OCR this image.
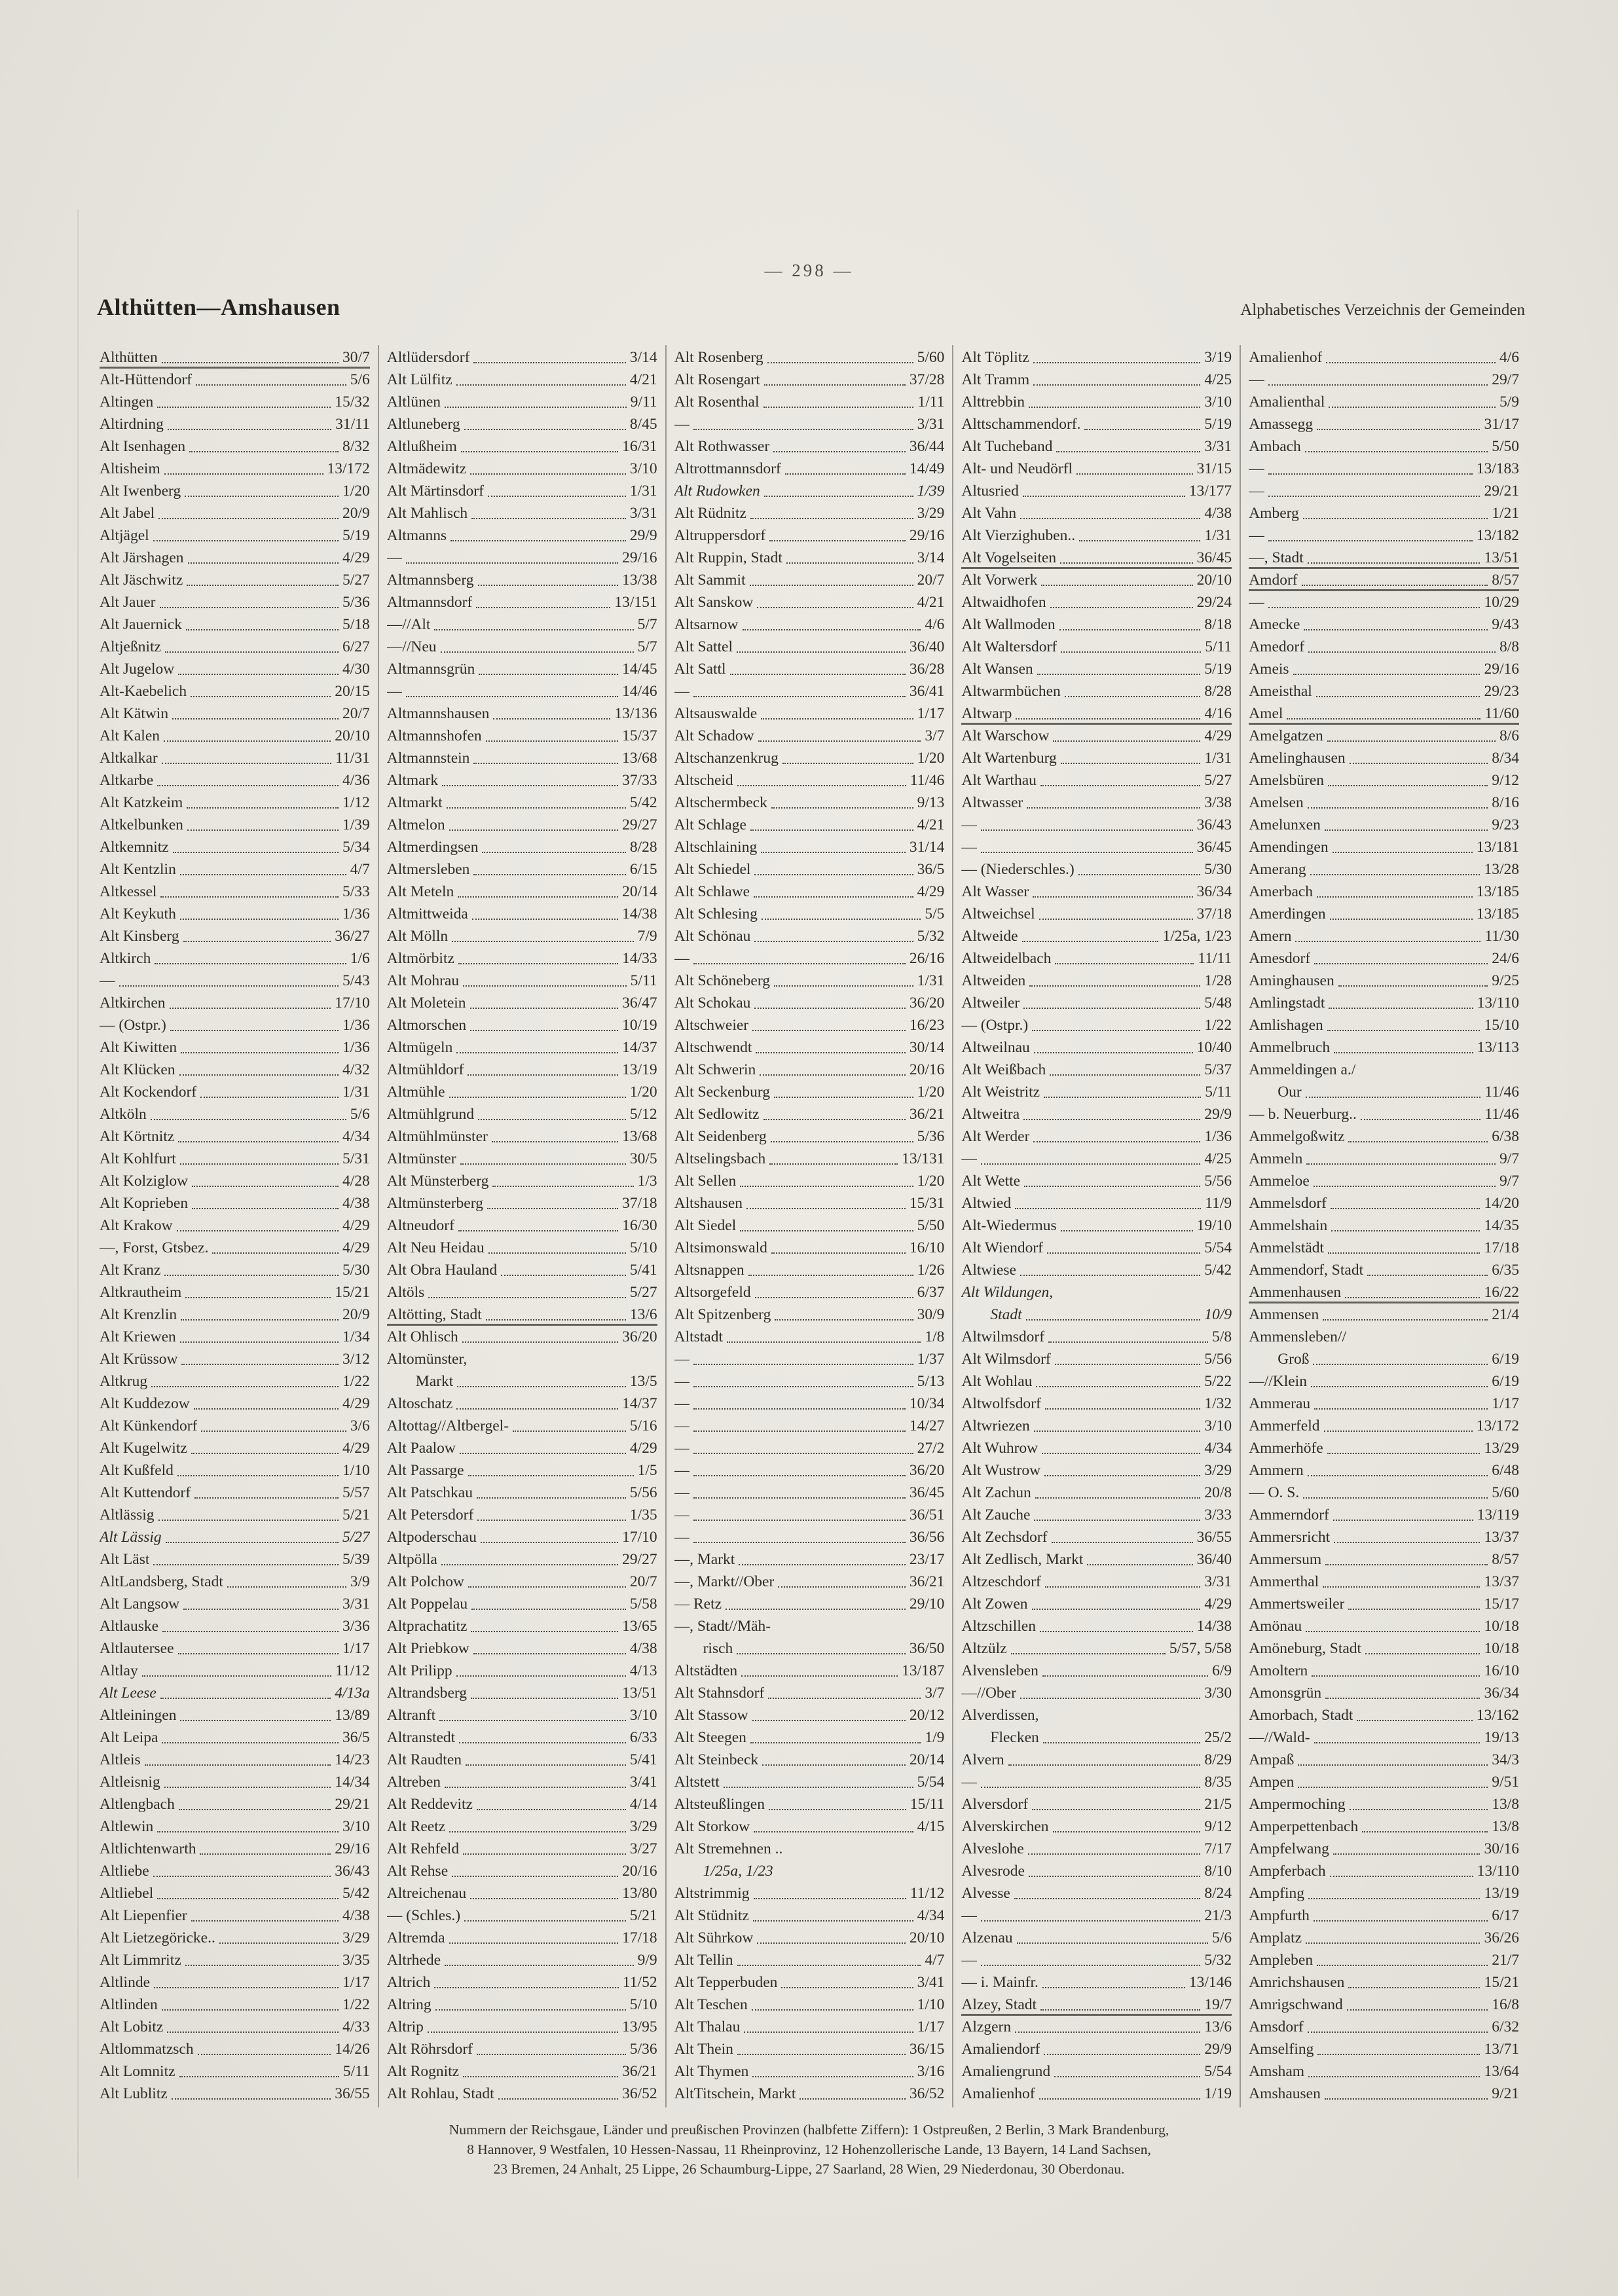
— 298 —
Althütten—Amshausen	Alphabetisches Verzeichnis der Gemeinden
Althütten	30/7
Alt-Hüttendorf	5/6
Altingen	15/32
Altirdning	31/11
Alt Isenhagen	8/32
Altisheim	13/172
Alt Iwenberg	1/20
Alt Jabel	20/9
Altjägel	5/19
Alt Järshagen	4/29
Alt Jäschwitz	5/27
Alt Jauer	5/36
Alt Jauernick	5/18
Altjeßnitz	6/27
Alt Jugelow	4/30
Alt-Kaebelich	20/15
Alt Kätwin	20/7
Alt Kalen	20/10
Altkalkar	11/31
Altkarbe	4/36
Alt Katzkeim	1/12
Altkelbunken	1/39
Altkemnitz	5/34
Alt Kentzlin	4/7
Altkessel	5/33
Alt Keykuth	1/36
Alt Kinsberg	36/27
Altkirch	1/6
—	5/43
Altkirchen	17/10
— (Ostpr.)	1/36
Alt Kiwitten	1/36
Alt Klücken	4/32
Alt Kockendorf	1/31
Altköln	5/6
Alt Körtnitz	4/34
Alt Kohlfurt	5/31
Alt Kolziglow	4/28
Alt Koprieben	4/38
Alt Krakow	4/29
—, Forst, Gtsbez.	4/29
Alt Kranz	5/30
Altkrautheim	15/21
Alt Krenzlin	20/9
Alt Kriewen	1/34
Alt Krüssow	3/12
Altkrug	1/22
Alt Kuddezow	4/29
Alt Künkendorf	3/6
Alt Kugelwitz	4/29
Alt Kußfeld	1/10
Alt Kuttendorf	5/57
Altlässig	5/21
Alt Lässig	5/27
Alt Läst	5/39
AltLandsberg, Stadt	3/9
Alt Langsow	3/31
Altlauske	3/36
Altlautersee	1/17
Altlay	11/12
Alt Leese	4/13a
Altleiningen	13/89
Alt Leipa	36/5
Altleis	14/23
Altleisnig	14/34
Altlengbach	29/21
Altlewin	3/10
Altlichtenwarth	29/16
Altliebe	36/43
Altliebel	5/42
Alt Liepenfier	4/38
Alt Lietzegöricke..	3/29
Alt Limmritz	3/35
Altlinde	1/17
Altlinden	1/22
Alt Lobitz	4/33
Altlommatzsch	14/26
Alt Lomnitz	5/11
Alt Lublitz	36/55
Altlüdersdorf	3/14
Alt Lülfitz	4/21
Altlünen	9/11
Altluneberg	8/45
Altlußheim	16/31
Altmädewitz	3/10
Alt Märtinsdorf	1/31
Alt Mahlisch	3/31
Altmanns	29/9
—	29/16
Altmannsberg	13/38
Altmannsdorf	13/151
—//Alt	5/7
—//Neu	5/7
Altmannsgrün	14/45
—	14/46
Altmannshausen	13/136
Altmannshofen	15/37
Altmannstein	13/68
Altmark	37/33
Altmarkt	5/42
Altmelon	29/27
Altmerdingsen	8/28
Altmersleben	6/15
Alt Meteln	20/14
Altmittweida	14/38
Alt Mölln	7/9
Altmörbitz	14/33
Alt Mohrau	5/11
Alt Moletein	36/47
Altmorschen	10/19
Altmügeln	14/37
Altmühldorf	13/19
Altmühle	1/20
Altmühlgrund	5/12
Altmühlmünster	13/68
Altmünster	30/5
Alt Münsterberg	1/3
Altmünsterberg	37/18
Altneudorf	16/30
Alt Neu Heidau	5/10
Alt Obra Hauland	5/41
Altöls	5/27
Altötting, Stadt	13/6
Alt Ohlisch	36/20
Altomünster,
Markt	13/5
Altoschatz	14/37
Altottag//Altbergel-	5/16
Alt Paalow	4/29
Alt Passarge	1/5
Alt Patschkau	5/56
Alt Petersdorf	1/35
Altpoderschau	17/10
Altpölla	29/27
Alt Polchow	20/7
Alt Poppelau	5/58
Altprachatitz	13/65
Alt Priebkow	4/38
Alt Prilipp	4/13
Altrandsberg	13/51
Altranft	3/10
Altranstedt	6/33
Alt Raudten	5/41
Altreben	3/41
Alt Reddevitz	4/14
Alt Reetz	3/29
Alt Rehfeld	3/27
Alt Rehse	20/16
Altreichenau	13/80
— (Schles.)	5/21
Altremda	17/18
Altrhede	9/9
Altrich	11/52
Altring	5/10
Altrip	13/95
Alt Röhrsdorf	5/36
Alt Rognitz	36/21
Alt Rohlau, Stadt	36/52
Alt Rosenberg	5/60
Alt Rosengart	37/28
Alt Rosenthal	1/11
—	3/31
Alt Rothwasser	36/44
Altrottmannsdorf	14/49
Alt Rudowken	1/39
Alt Rüdnitz	3/29
Altruppersdorf	29/16
Alt Ruppin, Stadt	3/14
Alt Sammit	20/7
Alt Sanskow	4/21
Altsarnow	4/6
Alt Sattel	36/40
Alt Sattl	36/28
—	36/41
Altsauswalde	1/17
Alt Schadow	3/7
Altschanzenkrug	1/20
Altscheid	11/46
Altschermbeck	9/13
Alt Schlage	4/21
Altschlaining	31/14
Alt Schiedel	36/5
Alt Schlawe	4/29
Alt Schlesing	5/5
Alt Schönau	5/32
—	26/16
Alt Schöneberg	1/31
Alt Schokau	36/20
Altschweier	16/23
Altschwendt	30/14
Alt Schwerin	20/16
Alt Seckenburg	1/20
Alt Sedlowitz	36/21
Alt Seidenberg	5/36
Altselingsbach	13/131
Alt Sellen	1/20
Altshausen	15/31
Alt Siedel	5/50
Altsimonswald	16/10
Altsnappen	1/26
Altsorgefeld	6/37
Alt Spitzenberg	30/9
Altstadt	1/8
—	1/37
—	5/13
—	10/34
—	14/27
—	27/2
—	36/20
—	36/45
—	36/51
—	36/56
—, Markt	23/17
—, Markt//Ober	36/21
— Retz	29/10
—, Stadt//Mäh-
risch	36/50
Altstädten	13/187
Alt Stahnsdorf	3/7
Alt Stassow	20/12
Alt Steegen	1/9
Alt Steinbeck	20/14
Altstett	5/54
Altsteußlingen	15/11
Alt Storkow	4/15
Alt Stremehnen ..
1/25a, 1/23
Altstrimmig	11/12
Alt Stüdnitz	4/34
Alt Sührkow	20/10
Alt Tellin	4/7
Alt Tepperbuden	3/41
Alt Teschen	1/10
Alt Thalau	1/17
Alt Thein	36/15
Alt Thymen	3/16
AltTitschein, Markt	36/52
Alt Töplitz	3/19
Alt Tramm	4/25
Alttrebbin	3/10
Alttschammendorf.	5/19
Alt Tucheband	3/31
Alt- und Neudörfl	31/15
Altusried	13/177
Alt Vahn	4/38
Alt Vierzighuben..	1/31
Alt Vogelseiten	36/45
Alt Vorwerk	20/10
Altwaidhofen	29/24
Alt Wallmoden	8/18
Alt Waltersdorf	5/11
Alt Wansen	5/19
Altwarmbüchen	8/28
Altwarp	4/16
Alt Warschow	4/29
Alt Wartenburg	1/31
Alt Warthau	5/27
Altwasser	3/38
—	36/43
—	36/45
— (Niederschles.)	5/30
Alt Wasser	36/34
Altweichsel	37/18
Altweide	1/25a, 1/23
Altweidelbach	11/11
Altweiden	1/28
Altweiler	5/48
— (Ostpr.)	1/22
Altweilnau	10/40
Alt Weißbach	5/37
Alt Weistritz	5/11
Altweitra	29/9
Alt Werder	1/36
—	4/25
Alt Wette	5/56
Altwied	11/9
Alt-Wiedermus	19/10
Alt Wiendorf	5/54
Altwiese	5/42
Alt Wildungen,
Stadt	10/9
Altwilmsdorf	5/8
Alt Wilmsdorf	5/56
Alt Wohlau	5/22
Altwolfsdorf	1/32
Altwriezen	3/10
Alt Wuhrow	4/34
Alt Wustrow	3/29
Alt Zachun	20/8
Alt Zauche	3/33
Alt Zechsdorf	36/55
Alt Zedlisch, Markt	36/40
Altzeschdorf	3/31
Alt Zowen	4/29
Altzschillen	14/38
Altzülz	5/57, 5/58
Alvensleben	6/9
—//Ober	3/30
Alverdissen,
Flecken	25/2
Alvern	8/29
—	8/35
Alversdorf	21/5
Alverskirchen	9/12
Alveslohe	7/17
Alvesrode	8/10
Alvesse	8/24
—	21/3
Alzenau	5/6
—	5/32
— i. Mainfr.	13/146
Alzey, Stadt	19/7
Alzgern	13/6
Amaliendorf	29/9
Amaliengrund	5/54
Amalienhof	1/19
Amalienhof	4/6
—	29/7
Amalienthal	5/9
Amassegg	31/17
Ambach	5/50
—	13/183
—	29/21
Amberg	1/21
—	13/182
—, Stadt	13/51
Amdorf	8/57
—	10/29
Amecke	9/43
Amedorf	8/8
Ameis	29/16
Ameisthal	29/23
Amel	11/60
Amelgatzen	8/6
Amelinghausen	8/34
Amelsbüren	9/12
Amelsen	8/16
Amelunxen	9/23
Amendingen	13/181
Amerang	13/28
Amerbach	13/185
Amerdingen	13/185
Amern	11/30
Amesdorf	24/6
Aminghausen	9/25
Amlingstadt	13/110
Amlishagen	15/10
Ammelbruch	13/113
Ammeldingen a./
Our	11/46
— b. Neuerburg..	11/46
Ammelgoßwitz	6/38
Ammeln	9/7
Ammeloe	9/7
Ammelsdorf	14/20
Ammelshain	14/35
Ammelstädt	17/18
Ammendorf, Stadt	6/35
Ammenhausen	16/22
Ammensen	21/4
Ammensleben//
Groß	6/19
—//Klein	6/19
Ammerau	1/17
Ammerfeld	13/172
Ammerhöfe	13/29
Ammern	6/48
— O. S.	5/60
Ammerndorf	13/119
Ammersricht	13/37
Ammersum	8/57
Ammerthal	13/37
Ammertsweiler	15/17
Amönau	10/18
Amöneburg, Stadt	10/18
Amoltern	16/10
Amonsgrün	36/34
Amorbach, Stadt	13/162
—//Wald-	19/13
Ampaß	34/3
Ampen	9/51
Ampermoching	13/8
Amperpettenbach	13/8
Ampfelwang	30/16
Ampferbach	13/110
Ampfing	13/19
Ampfurth	6/17
Amplatz	36/26
Ampleben	21/7
Amrichshausen	15/21
Amrigschwand	16/8
Amsdorf	6/32
Amselfing	13/71
Amsham	13/64
Amshausen	9/21
Nummern der Reichsgaue, Länder und preußischen Provinzen (halbfette Ziffern): 1 Ostpreußen, 2 Berlin, 3 Mark Brandenburg,
8 Hannover, 9 Westfalen, 10 Hessen-Nassau, 11 Rheinprovinz, 12 Hohenzollerische Lande, 13 Bayern, 14 Land Sachsen,
23 Bremen, 24 Anhalt, 25 Lippe, 26 Schaumburg-Lippe, 27 Saarland, 28 Wien, 29 Niederdonau, 30 Oberdonau.
